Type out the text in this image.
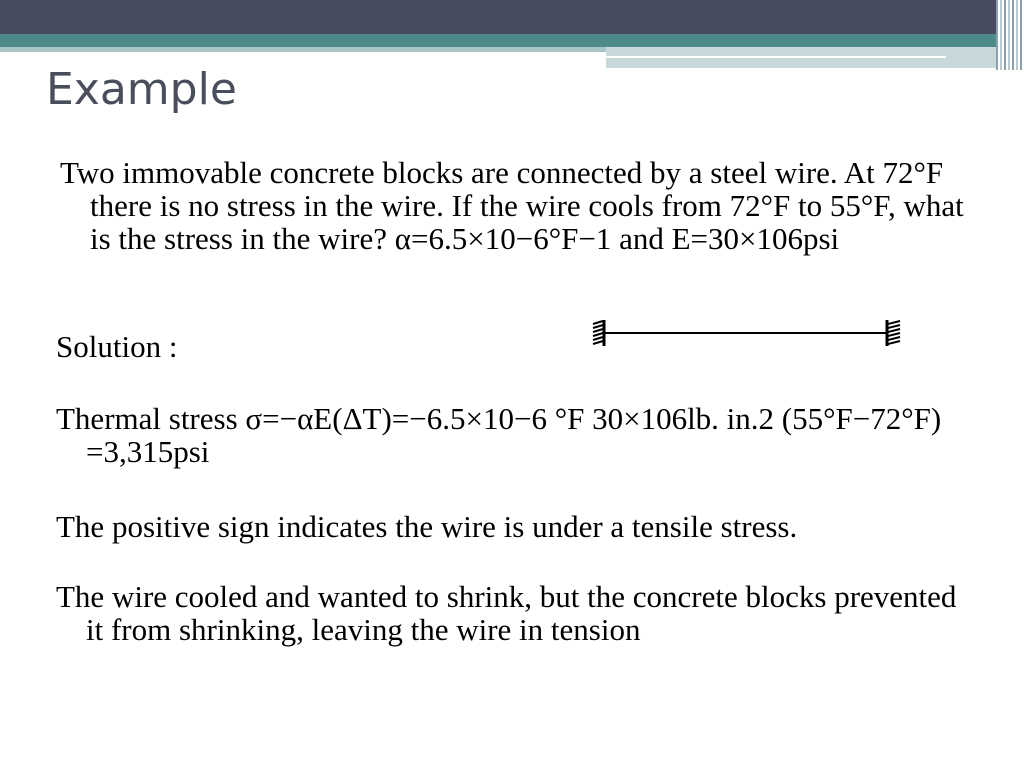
Example

Two immovable concrete blocks are connected by a steel wire. At 72°F there is no stress in the wire. If the wire cools from 72°F to 55°F, what is the stress in the wire? α=6.5×10−6°F−1 and E=30×106psi

Solution :

Thermal stress σ=−αE(ΔT)=−6.5×10−6 °F 30×106lb. in.2 (55°F−72°F) =3,315psi

The positive sign indicates the wire is under a tensile stress.

The wire cooled and wanted to shrink, but the concrete blocks prevented it from shrinking, leaving the wire in tension
